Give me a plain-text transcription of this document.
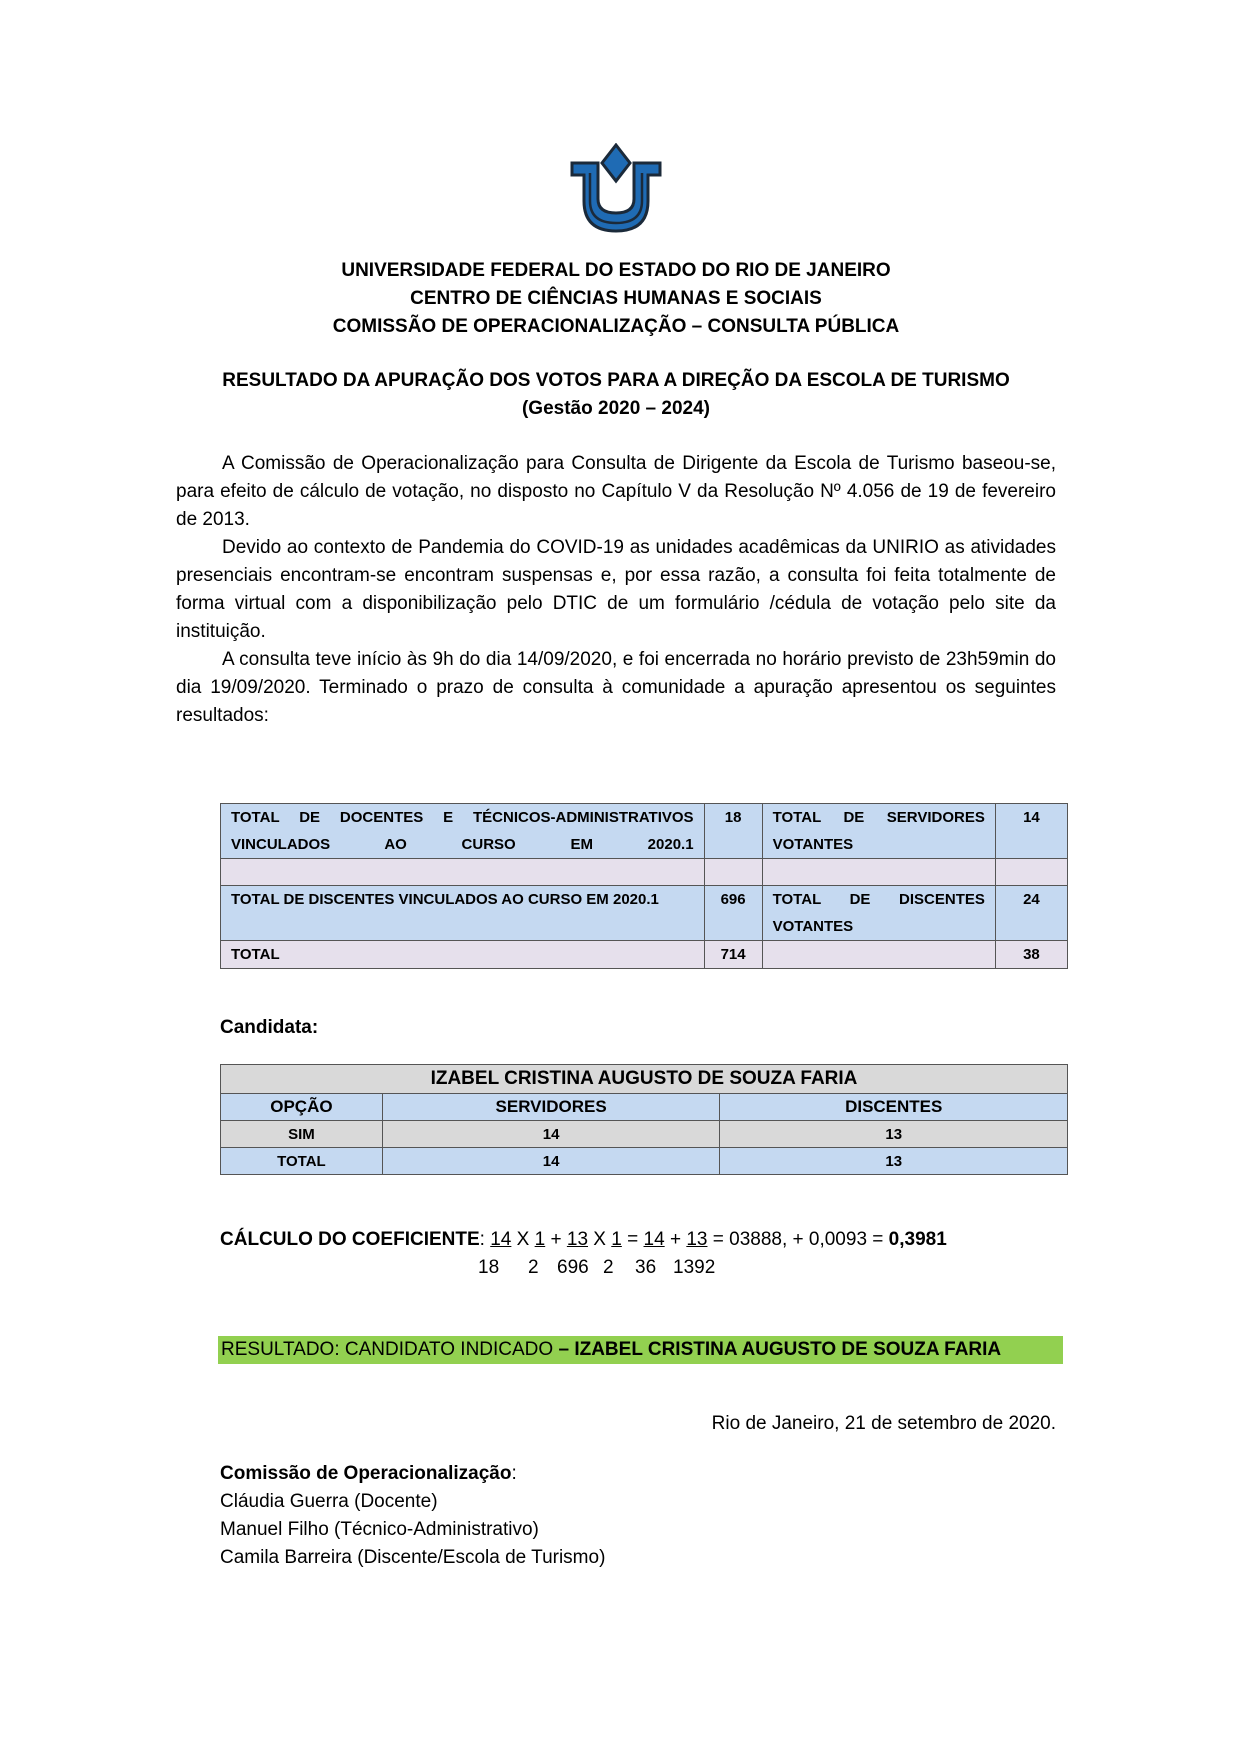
UNIVERSIDADE FEDERAL DO ESTADO DO RIO DE JANEIRO
CENTRO DE CIÊNCIAS HUMANAS E SOCIAIS
COMISSÃO DE OPERACIONALIZAÇÃO – CONSULTA PÚBLICA
RESULTADO DA APURAÇÃO DOS VOTOS PARA A DIREÇÃO DA ESCOLA DE TURISMO
(Gestão 2020 – 2024)

A Comissão de Operacionalização para Consulta de Dirigente da Escola de Turismo baseou-se, para efeito de cálculo de votação, no disposto no Capítulo V da Resolução Nº 4.056 de 19 de fevereiro de 2013.

Devido ao contexto de Pandemia do COVID-19 as unidades acadêmicas da UNIRIO as atividades presenciais encontram-se encontram suspensas e, por essa razão, a consulta foi feita totalmente de forma virtual com a disponibilização pelo DTIC de um formulário /cédula de votação pelo site da instituição.

A consulta teve início às 9h do dia 14/09/2020, e foi encerrada no horário previsto de 23h59min do dia 19/09/2020. Terminado o prazo de consulta à comunidade a apuração apresentou os seguintes resultados:

TOTAL DE DOCENTES E TÉCNICOS-ADMINISTRATIVOS VINCULADOS AO CURSO EM 2020.1	18	TOTAL DE SERVIDORES VOTANTES	14

TOTAL DE DISCENTES VINCULADOS AO CURSO EM 2020.1	696	TOTAL DE DISCENTES VOTANTES	24
TOTAL	714		38
Candidata:
IZABEL CRISTINA AUGUSTO DE SOUZA FARIA		
OPÇÃO	SERVIDORES	DISCENTES
SIM	14	13
TOTAL	14	13
CÁLCULO DO COEFICIENTE: 14 X 1 + 13 X 1 = 14 + 13 = 03888, + 0,0093 = 0,3981
18 2 696 2 36 1392
RESULTADO: CANDIDATO INDICADO – IZABEL CRISTINA AUGUSTO DE SOUZA FARIA
Rio de Janeiro, 21 de setembro de 2020.
Comissão de Operacionalização:
Cláudia Guerra (Docente)
Manuel Filho (Técnico-Administrativo)
Camila Barreira (Discente/Escola de Turismo)
